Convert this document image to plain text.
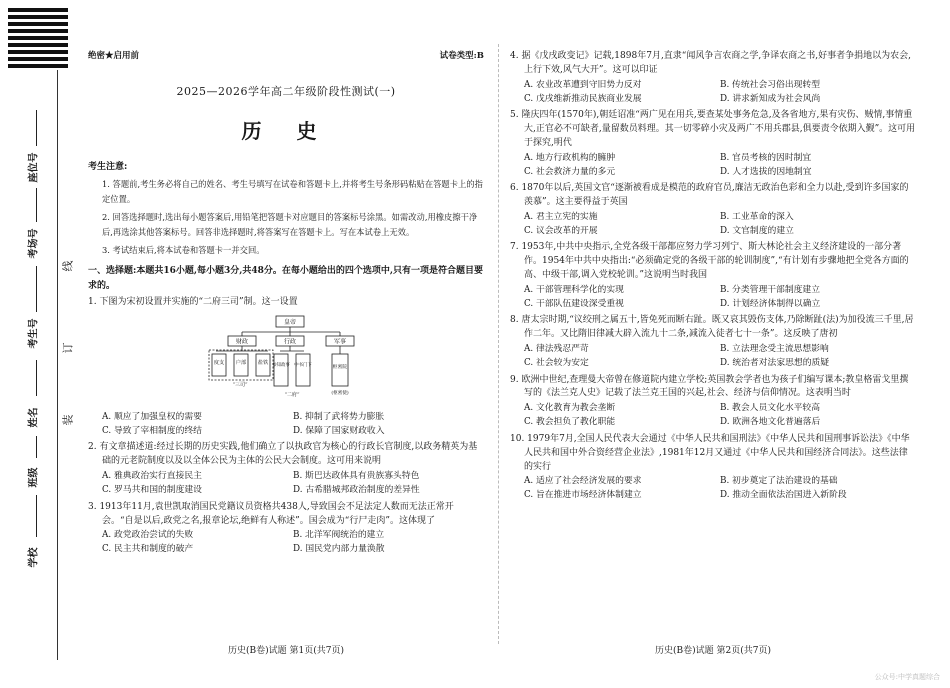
座位号
考场号
考生号
姓名
班级
学校
线
订
装
绝密★启用前	试卷类型:B
2025—2026学年高二年级阶段性测试(一)
历 史
考生注意:

1. 答题前,考生务必将自己的姓名、考生号填写在试卷和答题卡上,并将考生号条形码粘贴在答题卡上的指定位置。

2. 回答选择题时,选出每小题答案后,用铅笔把答题卡对应题目的答案标号涂黑。如需改动,用橡皮擦干净后,再选涂其他答案标号。回答非选择题时,将答案写在答题卡上。写在本试卷上无效。

3. 考试结束后,将本试卷和答题卡一并交回。

一、选择题:本题共16小题,每小题3分,共48分。在每小题给出的四个选项中,只有一项是符合题目要求的。

1. 下图为宋初设置并实施的“二府三司”制。这一设置

皇帝
财政	行政	军事
度支 户部 盐铁 参知政事 中书门下	枢密院
“三司”
“二府”	(枢密使)
A. 顺应了加强皇权的需要	B. 抑制了武将势力膨胀
C. 导致了宰相制度的终结	D. 保障了国家财政收入

2. 有文章描述道:经过长期的历史实践,他们确立了以执政官为核心的行政长官制度,以政务精英为基础的元老院制度以及以全体公民为主体的公民大会制度。这可用来说明

A. 雅典政治实行直接民主	B. 斯巴达政体具有贵族寡头特色
C. 罗马共和国的制度建设	D. 古希腊城邦政治制度的差异性

3. 1913年11月,袁世凯取消国民党籍议员资格共438人,导致国会不足法定人数而无法正常开会。“自是以后,政党之名,报章论坛,绝鲜有人称述”。国会成为“行尸走肉”。这体现了

A. 政党政治尝试的失败	B. 北洋军阀统治的建立
C. 民主共和制度的破产	D. 国民党内部力量涣散

4. 据《戊戌政变记》记载,1898年7月,直隶“闻风争言农商之学,争译农商之书,好事者争捐地以为农会,上行下效,风气大开”。这可以印证

A. 农业改革遭到守旧势力反对	B. 传统社会习俗出现转型
C. 戊戌维新推动民族商业发展	D. 讲求新知成为社会风尚

5. 隆庆四年(1570年),朝廷诏准“两广见在用兵,要查某处事务危急,及各省地方,果有灾伤、贼情,事情重大,正官必不可缺者,量留数员料理。其一切零碎小灾及两广不用兵郡县,俱要责令依期入觐”。这可用于探究,明代

A. 地方行政机构的臃肿	B. 官员考核的因时制宜
C. 社会救济力量的多元	D. 人才选拔的因地制宜

6. 1870年以后,英国文官“逐渐被看成是模范的政府官员,廉洁无政治色彩和全力以赴,受到许多国家的羡慕”。这主要得益于英国

A. 君主立宪的实施	B. 工业革命的深入
C. 议会改革的开展	D. 文官制度的建立

7. 1953年,中共中央指示,全党各级干部都应努力学习列宁、斯大林论社会主义经济建设的一部分著作。1954年中共中央指出:“必须确定党的各级干部的轮训制度”,“有计划有步骤地把全党各方面的高、中级干部,调入党校轮训。”这说明当时我国

A. 干部管理科学化的实现	B. 分类管理干部制度建立
C. 干部队伍建设深受重视	D. 计划经济体制得以确立

8. 唐太宗时期,“议绞刑之属五十,皆免死而断右趾。既又哀其毁伤支体,乃除断趾(法)为加役流三千里,居作二年。又比隋旧律减大辟入流九十二条,减流入徒者七十一条”。这反映了唐初

A. 律法残忍严苛	B. 立法理念受主流思想影响
C. 社会较为安定	D. 统治者对法家思想的质疑

9. 欧洲中世纪,查理曼大帝曾在修道院内建立学校;英国教会学者也为孩子们编写课本;教皇格雷戈里撰写的《法兰克人史》记载了法兰克王国的兴起,社会、经济与信仰情况。这表明当时

A. 文化教育为教会垄断	B. 教会人员文化水平较高
C. 教会担负了教化职能	D. 欧洲各地文化普遍落后

10. 1979年7月,全国人民代表大会通过《中华人民共和国刑法》《中华人民共和国刑事诉讼法》《中华人民共和国中外合资经营企业法》,1981年12月又通过《中华人民共和国经济合同法》。这些法律的实行

A. 适应了社会经济发展的要求	B. 初步奠定了法治建设的基础
C. 旨在推进市场经济体制建立	D. 推动全面依法治国进入新阶段
历史(B卷)试题 第1页(共7页)	历史(B卷)试题 第2页(共7页)
公众号:中学真题综合
